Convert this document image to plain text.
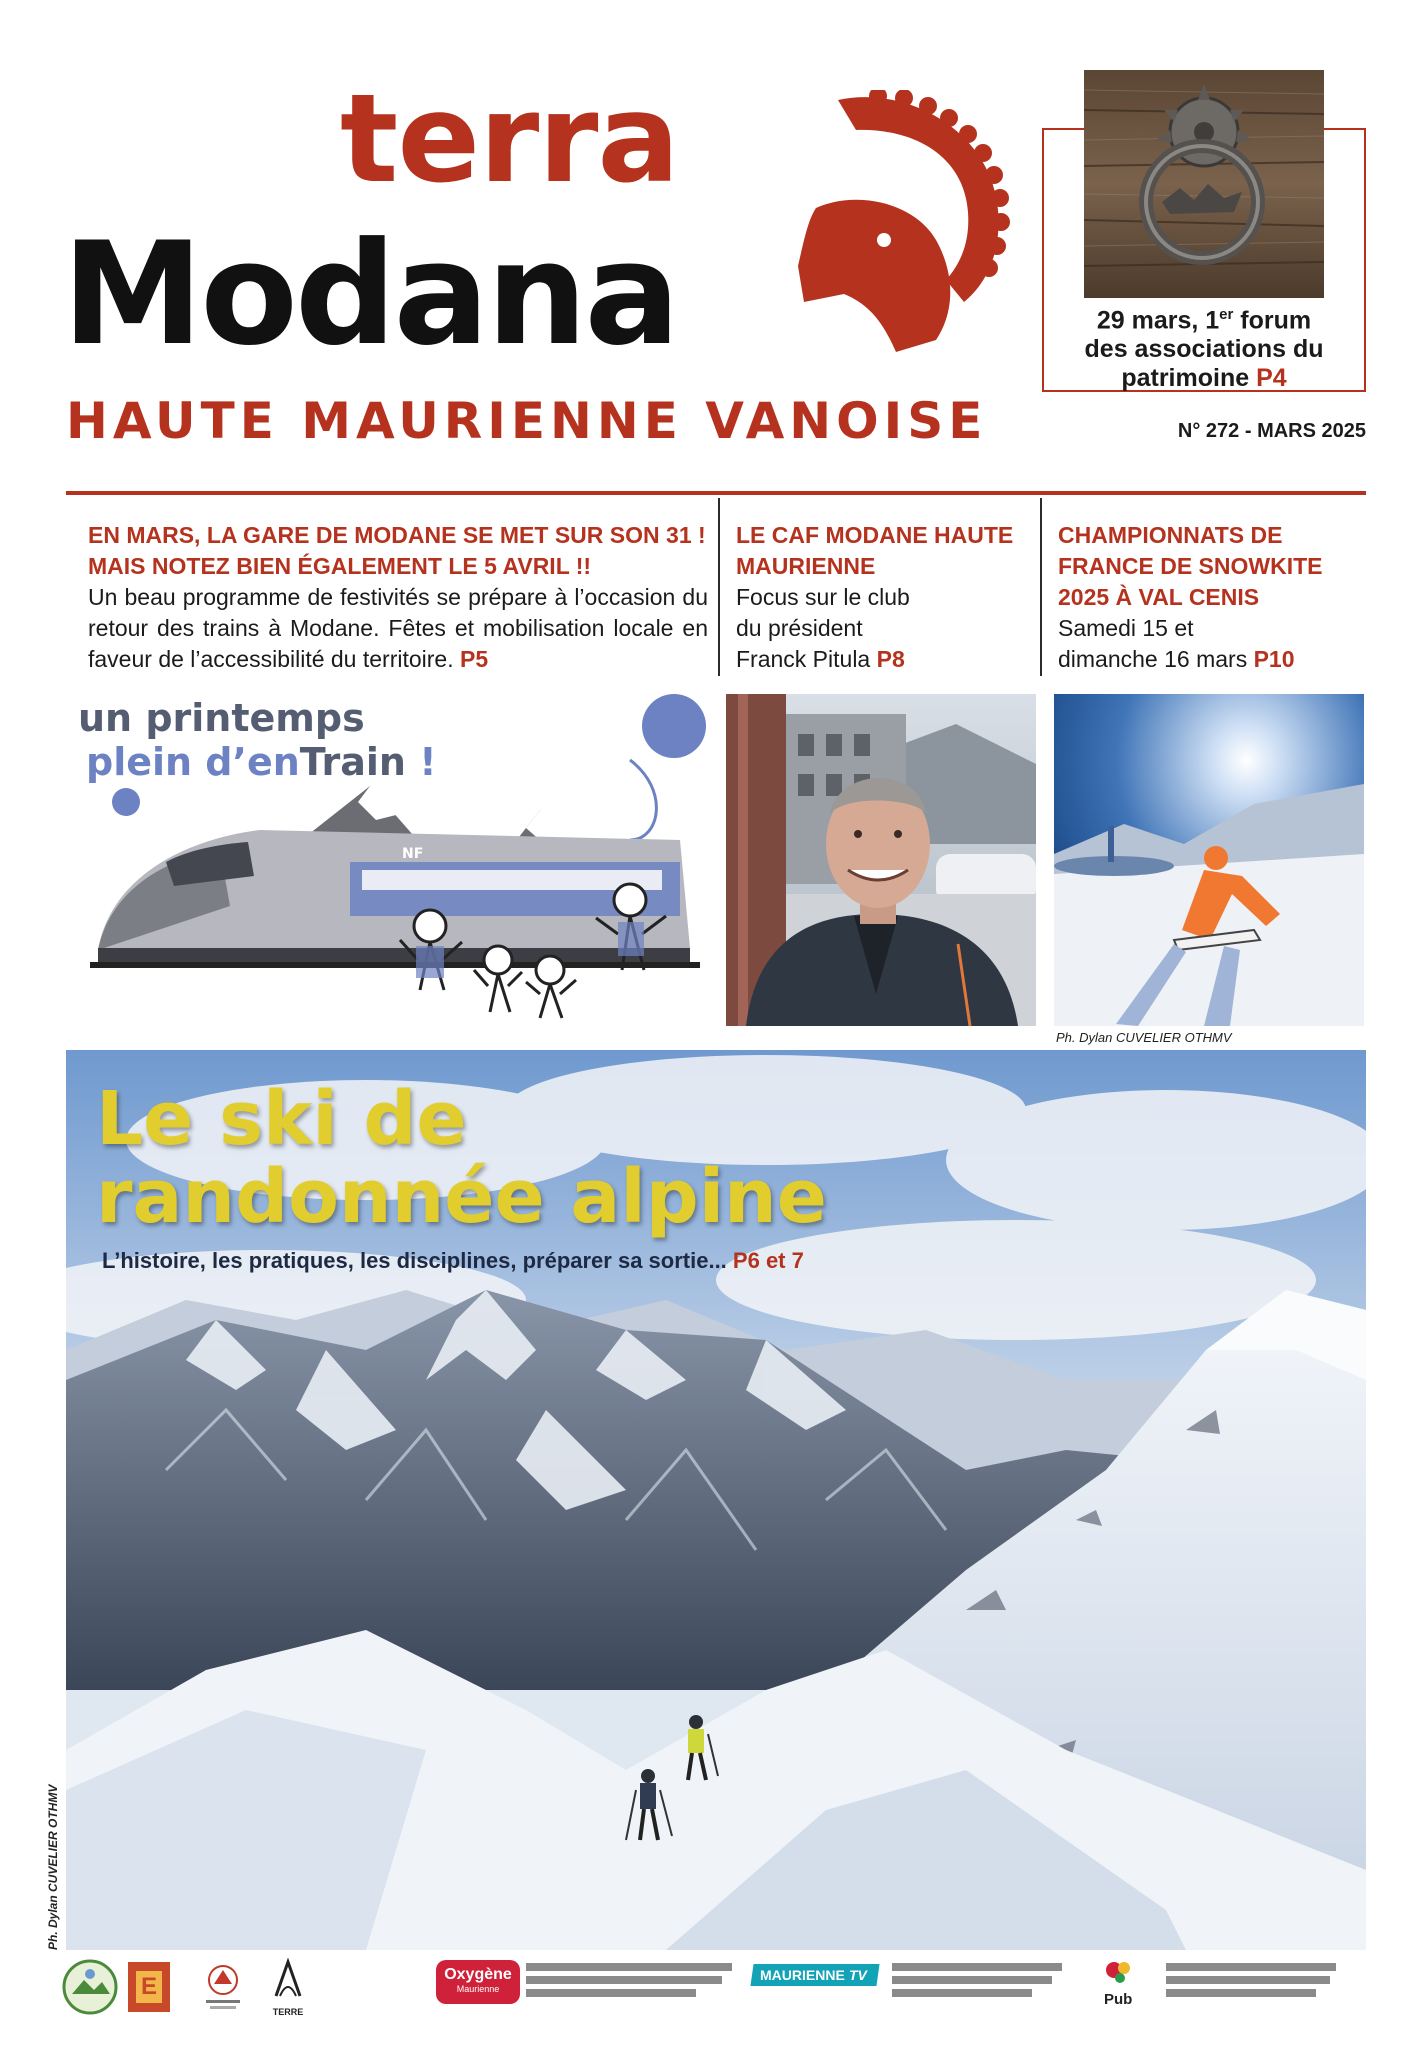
terra
Modana
HAUTE MAURIENNE VANOISE
29 mars, 1er forum
des associations du
patrimoine P4
N° 272 - MARS 2025
EN MARS, LA GARE DE MODANE SE MET SUR SON 31 !
MAIS NOTEZ BIEN ÉGALEMENT LE 5 AVRIL !!
Un beau programme de festivités se prépare à l’occasion du retour des trains à Modane. Fêtes et mobilisation locale en faveur de l’accessibilité du territoire. P5
LE CAF MODANE HAUTE MAURIENNE
Focus sur le club
du président
Franck Pitula P8
CHAMPIONNATS DE FRANCE DE SNOWKITE 2025 À VAL CENIS
Samedi 15 et
dimanche 16 mars P10
NF
un printemps
plein d’enTrain !
Ph. Dylan CUVELIER OTHMV
Le ski de
randonnée alpine
L’histoire, les pratiques, les disciplines, préparer sa sortie... P6 et 7
Ph. Dylan CUVELIER OTHMV
E
TERRE
Oxygène
Maurienne
MAURIENNE TV
Pub
